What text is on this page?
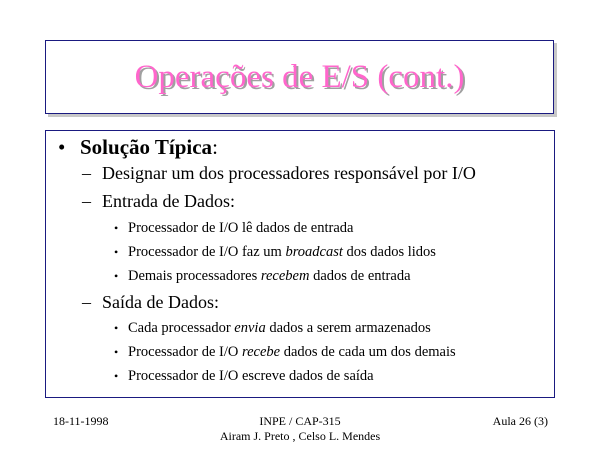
Operações de E/S (cont.)
• Solução Típica:
– Designar um dos processadores responsável por I/O
– Entrada de Dados:
• Processador de I/O lê dados de entrada
• Processador de I/O faz um broadcast dos dados lidos
• Demais processadores recebem dados de entrada
– Saída de Dados:
• Cada processador envia dados a serem armazenados
• Processador de I/O recebe dados de cada um dos demais
• Processador de I/O escreve dados de saída
18-11-1998	INPE / CAP-315
Airam J. Preto , Celso L. Mendes
Aula 26 (3)
